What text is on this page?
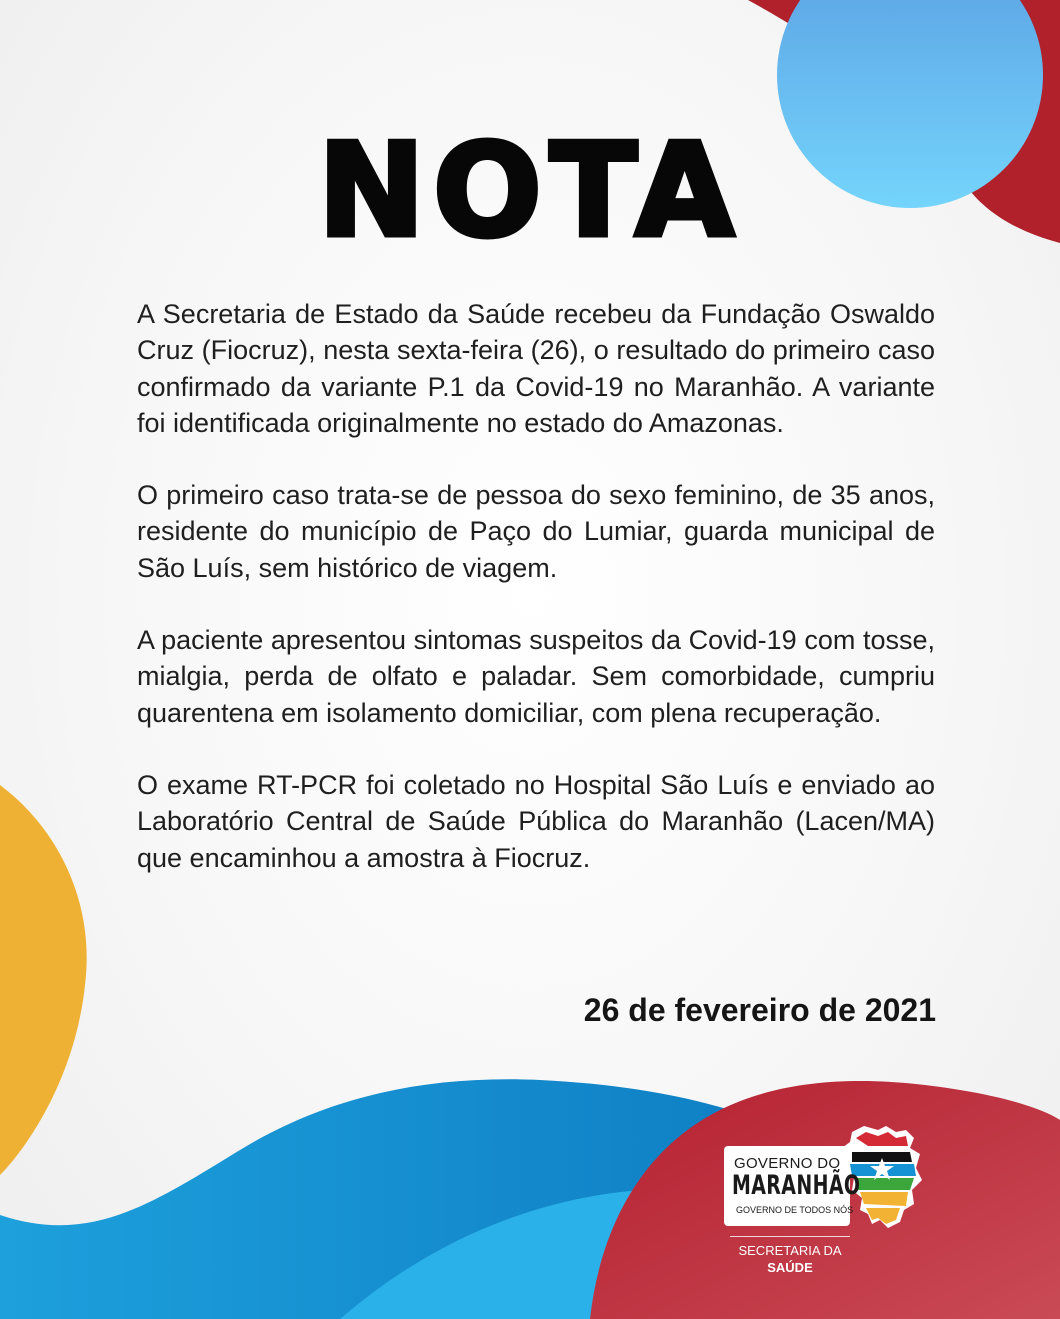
NOTA

A Secretaria de Estado da Saúde recebeu da Fundação Oswaldo Cruz (Fiocruz), nesta sexta-feira (26), o resultado do primeiro caso confirmado da variante P.1 da Covid-19 no Maranhão. A variante foi identificada originalmente no estado do Amazonas.

O primeiro caso trata-se de pessoa do sexo feminino, de 35 anos, residente do município de Paço do Lumiar, guarda municipal de São Luís, sem histórico de viagem.

A paciente apresentou sintomas suspeitos da Covid-19 com tosse, mialgia, perda de olfato e paladar. Sem comorbidade, cumpriu quarentena em isolamento domiciliar, com plena recuperação.

O exame RT-PCR foi coletado no Hospital São Luís e enviado ao Laboratório Central de Saúde Pública do Maranhão (Lacen/MA) que encaminhou a amostra à Fiocruz.

26 de fevereiro de 2021
GOVERNO DO
MARANHÃO
GOVERNO DE TODOS NÓS
SECRETARIA DA
SAÚDE
